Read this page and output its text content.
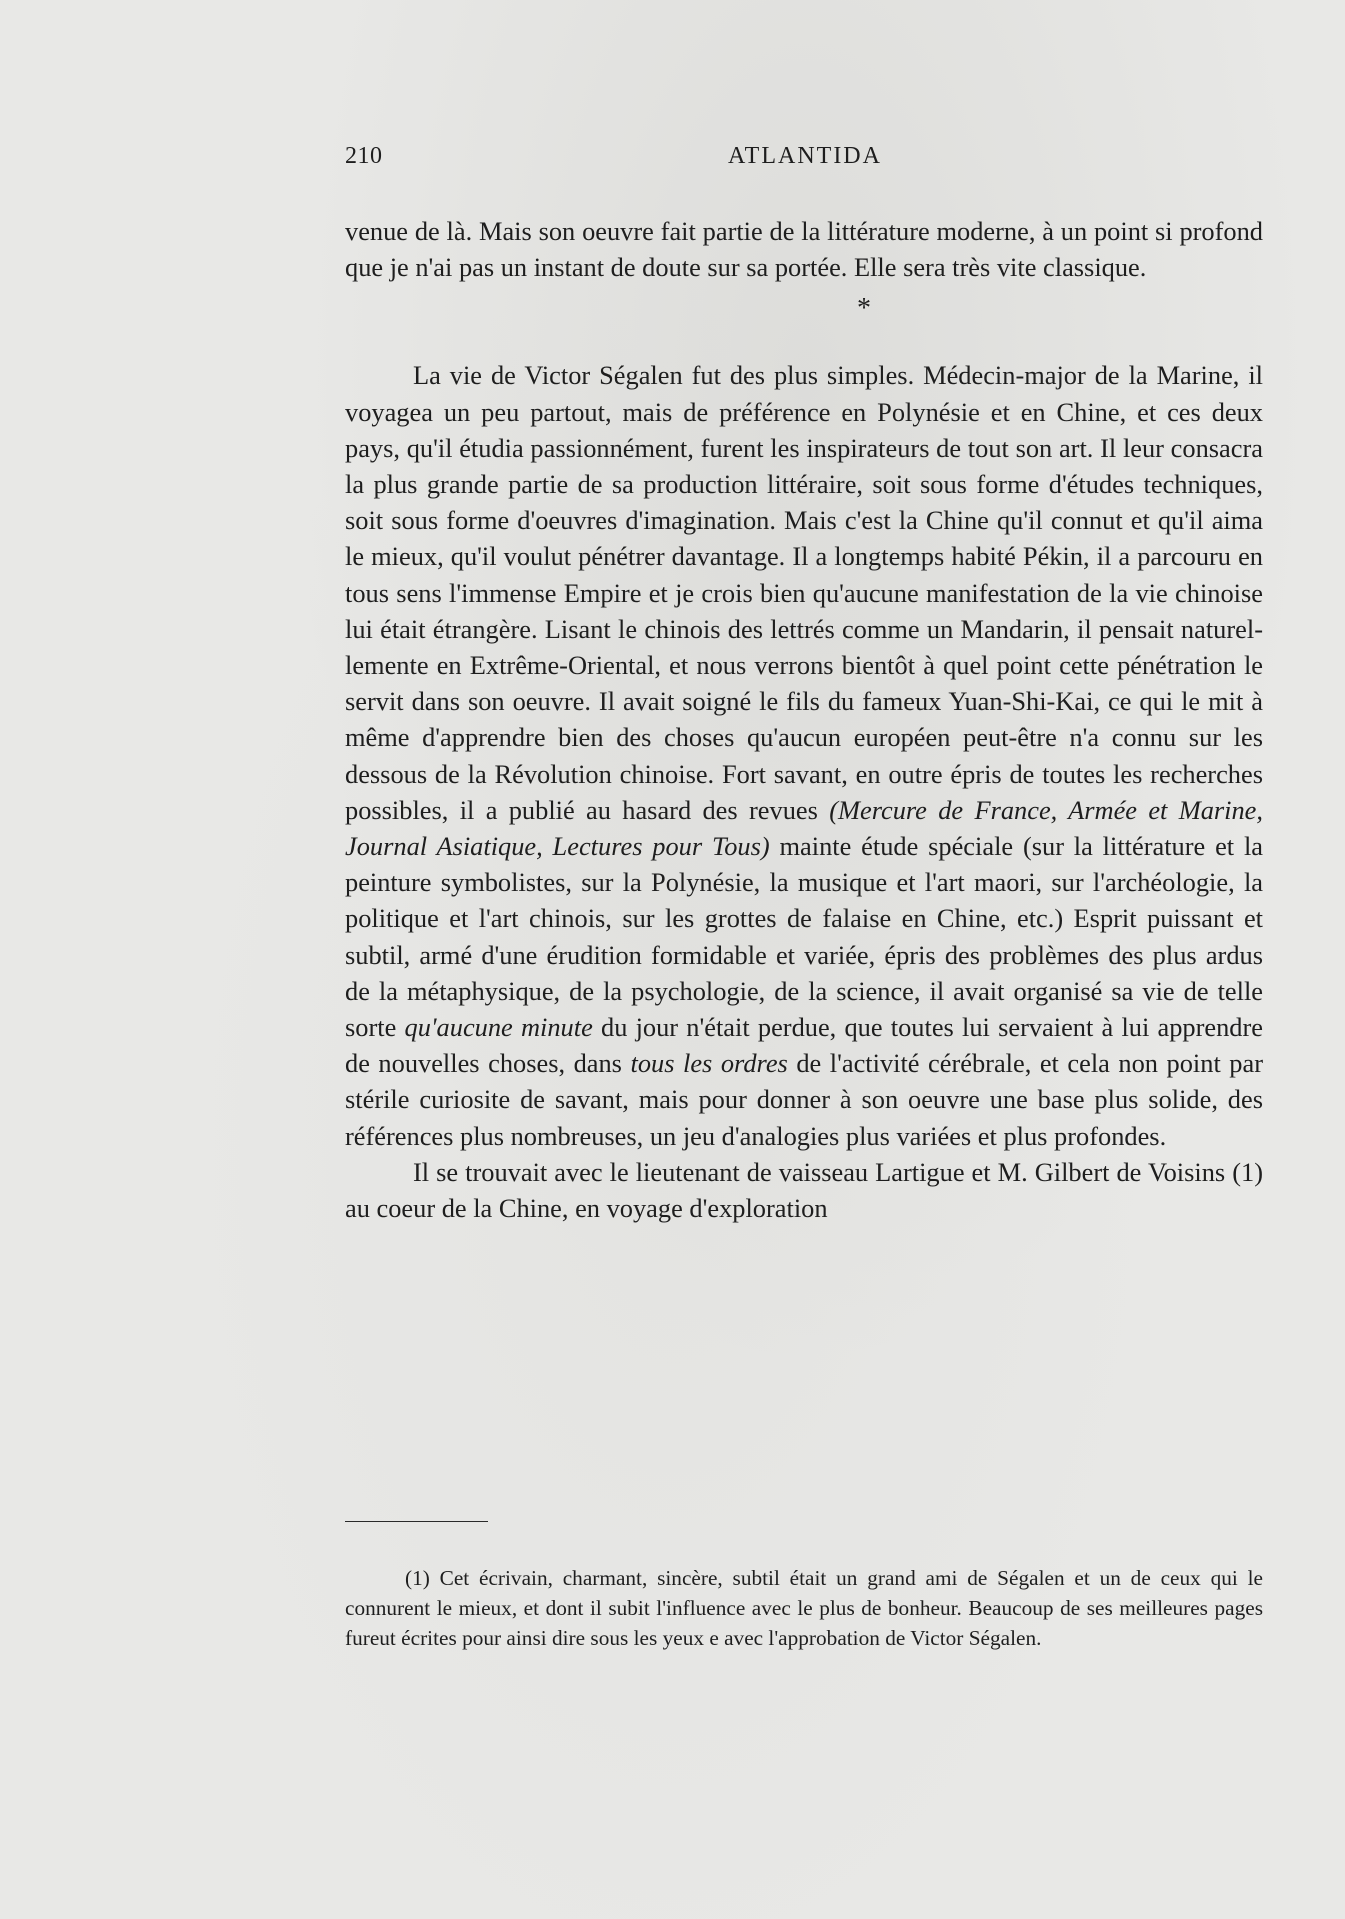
210	ATLANTIDA

venue de là. Mais son oeuvre fait partie de la littérature moderne, à un point si profond que je n'ai pas un instant de doute sur sa portée. Elle sera très vite classique.

*

La vie de Victor Ségalen fut des plus simples. Médecin-major de la Marine, il voyagea un peu partout, mais de préférence en Polynésie et en Chine, et ces deux pays, qu'il étudia passionnément, furent les inspirateurs de tout son art. Il leur consacra la plus grande partie de sa production littéraire, soit sous forme d'études techniques, soit sous forme d'oeuvres d'imagination. Mais c'est la Chine qu'il connut et qu'il aima le mieux, qu'il voulut pénétrer davantage. Il a longtemps habité Pékin, il a parcouru en tous sens l'immense Empire et je crois bien qu'aucune manifestation de la vie chinoise lui était étrangère. Lisant le chinois des lettrés comme un Mandarin, il pensait naturellemente en Extrême-Oriental, et nous verrons bientôt à quel point cette pénétration le servit dans son oeuvre. Il avait soigné le fils du fameux Yuan-Shi-Kai, ce qui le mit à même d'apprendre bien des choses qu'aucun européen peut-être n'a connu sur les dessous de la Révolution chinoise. Fort savant, en outre épris de toutes les recherches possibles, il a publié au hasard des revues (Mercure de France, Armée et Marine, Journal Asiatique, Lectures pour Tous) mainte étude spéciale (sur la littérature et la peinture symbolistes, sur la Polynésie, la musique et l'art maori, sur l'archéologie, la politique et l'art chinois, sur les grottes de falaise en Chine, etc.) Esprit puissant et subtil, armé d'une érudition formidable et variée, épris des problèmes des plus ardus de la métaphysique, de la psychologie, de la science, il avait organisé sa vie de telle sorte qu'aucune minute du jour n'était perdue, que toutes lui servaient à lui apprendre de nouvelles choses, dans tous les ordres de l'activité cérébrale, et cela non point par stérile curiosite de savant, mais pour donner à son oeuvre une base plus solide, des références plus nombreuses, un jeu d'analogies plus variées et plus profondes.

Il se trouvait avec le lieutenant de vaisseau Lartigue et M. Gilbert de Voisins (1) au coeur de la Chine, en voyage d'exploration

(1) Cet écrivain, charmant, sincère, subtil était un grand ami de Ségalen et un de ceux qui le connurent le mieux, et dont il subit l'influence avec le plus de bonheur. Beaucoup de ses meilleures pages fureut écrites pour ainsi dire sous les yeux e avec l'approbation de Victor Ségalen.
